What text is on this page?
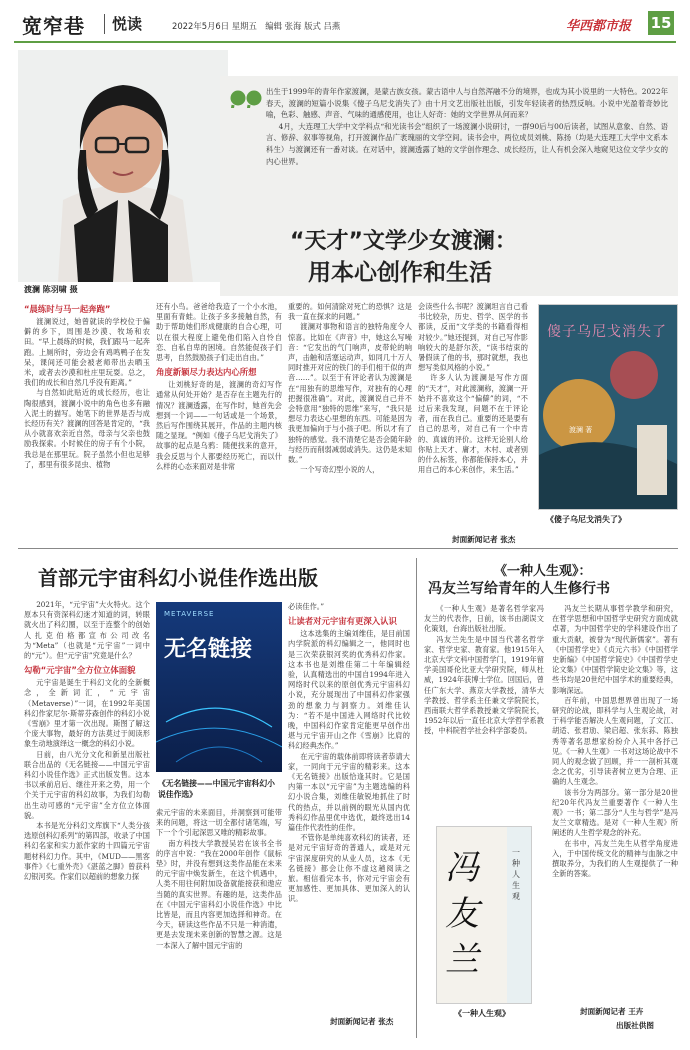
宽窄巷 悦读	2022年5月6日 星期五　编辑 张海 版式 吕燕	华西都市报 15
渡澜 陈羽啸 摄

出生于1999年的青年作家渡澜，是蒙古族女孩。蒙古语中人与自然浑融不分的境界，也成为其小说里的一大特色。2022年春天，渡澜的短篇小说集《傻子乌尼戈消失了》由十月文艺出版社出版，引发年轻读者的热烈反响。小说中光盈着奇妙比喻，色彩、触感、声音、气味的通感使用，也让人好奇：她的文学世界从何而来？

4月，大连理工大学中文学科点“和光读书会”组织了一场渡澜小说研讨，一群90后与00后读者，试图从意象、自然、语言、修辞、叙事等视角，打开渡澜作品广袤瑰丽的文学空间。读书会中，两位成员刘桃、陈扬（均是大连理工大学中文系本科生）与渡澜还有一番对谈。在对话中，渡澜透露了她的文学创作理念、成长经历，让人有机会深入地窥见这位文学少女的内心世界。

“天才”文学少女渡澜：
用本心创作和生活
“晨练时与马一起奔跑”

渡澜说过，她曾就读的学校位于偏僻的乡下，周围是沙漠、牧场和农田。“早上晨练的时候，我们跟马一起奔跑。上厕所时，旁边会有鸡鸣鸭子在发呆，课间还可能会被老师带出去晒玉米，或者去沙漠和杜庄里玩耍。总之，我们的成长和自然几乎没有距离。”

与自然如此贴近的成长经历，也让陶很感到，渡澜小说中的角色也多有融入泥土的描写。她笔下的世界是否与成长经历有关？渡澜的回答是肯定的，“我从小就喜欢亲近自然，母亲与父亲也鼓励我探索。小时候住的房子有个小院，我总是在那里玩。院子虽然小但也足够了，那里有很多昆虫、植物

还有小鸟。爸爸给我造了一个小水池，里面有青蛙。让孩子多多接触自然，有助于帮助她们形成健康的自合心理，可以在很大程度上避免他们陷入自怜自恋、自私自卑的困境。自然能促孩子们思考，自然鼓励孩子们走出自由。”

角度新颖尽力表达内心所想

让刘桃好奇的是，渡澜的奇幻写作通常从何处开始？是否存在主题先行的情况？渡澜透露，在写作时，她首先会想到一个词——一句话或是一个场景，然后写作围绕其展开，作品的主题内核随之显现。“例如《傻子乌尼戈消失了》故事的起点是乌鸦：随便找来的意开，我会反思与个人都要经历死亡，而以什么样的心态来面对是非常

重要的。如何清除对死亡的恐惧？这是我一直在探求的问题。”

渡澜对事物和语言的独特角度令人惊喜。比如在《声音》中，她这么写噪音：“它发出的气门响声，皮带轮的响声，击触和活塞运动声，如同几十万人同时推开对应的铁门的手们相干似的声音……”。以至于有评论者认为渡澜是在“用独有的思维写作，对独有的心理把握很准确”。对此，渡澜说自己并不会特意用“独特的思维”来写，“我只是想尽力表达心里想的东西。可能是因为我更加偏向于与小孩子吧。所以才有了独特的感觉。我不清楚它是否会随年龄与经历而削弱减弱或消失。这仍是未知数。”

一个写奇幻型小说的人，

会读些什么书呢？渡澜坦言自己看书比较杂，历史、哲学、医学的书都读，反而“文学类的书籍看得相对较少。”她还提到，对自己写作影响较大的是舒尔茨，“读书结束的暑假读了他的书，那时就想，我也想写类似风格的小说。”

许多人认为渡澜是写作方面的“天才”，对此渡澜称，渡澜一开始并不喜欢这个“偏僻”的词，“不过后来我发现，问题不在于评论者，而在我自己。重要的还是要有自己的思考，对自己有一个中肯的、真诚的评价。这样无论别人给你贴上天才、庸才，木村、或者别的什么标签，你都能保持本心，并用自己的本心来创作，来生活。”

封面新闻记者 张杰
傻子乌尼戈消失了
渡澜 著
《傻子乌尼戈消失了》
首部元宇宙科幻小说佳作选出版

2021年，“元宇宙”大火特火。这个原本只有资深科幻迷才知道的词，转眼就火出了科幻圈，以至于连整个的创始人扎克伯格都宣布公司改名为“Meta”（也就是“元宇宙”一词中的“元”）。但“元宇宙”究竟是什么？

勾勒“元宇宙”全方位立体面貌

元宇宙是诞生于科幻文化的全新概念，全新词汇，“元宇宙（Metaverse）”一词，在1992年美国科幻作家尼尔·斯蒂芬森创作的科幻小说《雪崩》里才第一次出现。斯图了解这个庞大事物，最好的方法莫过于阅读形象生动地演绎这一概念的科幻小说。

日前，由八光分文化和新星出版社联合出品的《无名链接——中国元宇宙科幻小说佳作选》正式出版发售。这本书以承前启后、继往开来之势，用一个个关于元宇宙的科幻故事，为我们勾勒出生动可感的“元宇宙”全方位立体面貌。

本书是光分科幻文库旗下“人类分孩选原创科幻系列”的第四部，收录了中国科幻名家和实力派作家的十四篇元宇宙题材科幻力作。其中，《MUD——黑客事件》《七重外壳》《湛蓝之脚》曾获科幻银河奖。作家们以超前的想象力探

METAVERSE
无名链接
《无名链接——中国元宇宙科幻小说佳作选》

索元宇宙的未来面目，并洞察到可能带来的问题，将这一切全都付诸笔端，写下一个个引起深思又唯的精彩故事。

南方科技大学教授吴岩在该书全书的序言中说：“我在2000年创作《鼠标垫》时，并没有想到这类作品能在未来的元宇宙中焕发新生，在这个机遇中，人类不用往何附加设备就能接获和遨应当随的真实世界。有趣的是，这类作品在《中国元宇宙科幻小说佳作选》中比比皆是，而且内容更加选择和神奇。在今天，研读这些作品不只是一种消遣，更是去发现未来创新的智慧之源。这是一本深入了解中国元宇宙的

必读佳作。”

让读者对元宇宙有更深入认识

这本选集的主编刘维佳，是目前国内学院派的科幻编辑之一，他同时也是三次荣获银河奖的优秀科幻作家。这本书也是刘维佳第二十年编辑经验，认真精选出的中国自1994年进入网络时代以来的原创优秀元宇宙科幻小说，充分展现出了中国科幻作家强劲的想象力与洞察力。刘维佳认为：“若不是中国进入网络时代比较晚，中国科幻作家肯定能更早创作出堪与元宇宙开山之作《雪崩》比肩的科幻经典杰作。”

在元宇宙的载体前即将读者恭请大家，一同向于元宇宙的精彩来。这本《无名链接》出版恰逢其时。它是国内第一本以“元宇宙”为主题选编的科幻小说合集，刘维佳敏锐地抓住了时代的热点，并以前例的眼光从国内优秀科幻作品里优中选优，最终选出14篇佳作代表性的佳作。

不管你是单纯喜欢科幻的读者，还是对元宇宙好奇的普通人，或是对元宇宙深度研究的从业人员，这本《无名链接》都会让你不虚这趟阅读之旅。相信看完本书，你对元宇宙会有更加感性、更加具体、更加深入的认识。

封面新闻记者 张杰
《一种人生观》：
冯友兰写给青年的人生修行书

《一种人生观》是著名哲学家冯友兰的代表作，日前，该书由湖误文化策划，台海出版社出版。

冯友兰先生是中国当代著名哲学家、哲学史家、教育家。他1915年入北京大学文科中国哲学门，1919年留学美国哥伦比亚大学研究院，师从杜威，1924年获博士学位。回国后，曾任广东大学、燕京大学教授，清华大学教授、哲学系主任兼文学院院长，西南联大哲学系教授兼文学院院长，1952年以后一直任北京大学哲学系教授，中科院哲学社会科学部委员。

冯友兰
一种人生观
《一种人生观》

冯友兰长期从事哲学教学和研究，在哲学思想和中国哲学史研究方面成就卓著，为中国哲学史的学科建设作出了重大贡献，被誉为“现代新儒家”。著有《中国哲学史》《贞元六书》《中国哲学史新编》《中国哲学简史》《中国哲学史论文集》《中国哲学简史论文集》等，这些书均是20世纪中国学术的重要经典，影响深远。

百年前，中国思想界曾出现了一场研究的论战，即科学与人生观论战，对于科学能否解决人生观问题，了文江、胡适、张君劢、梁启超、张东荪、陈独秀等著名思想家纷纷介入其中各抒己见。《一种人生观》一书对这场论战中不同人的观念做了回顾，并一一剖析其观念之优劣，引导读者树立更为合理、正确的人生观念。

该书分为两部分。第一部分是20世纪20年代冯友兰重要著作《一种人生观》一书；第二部分“人生与哲学”是冯友兰文章精选。是对《一种人生观》所阐述的人生哲学观念的补充。

在书中，冯友兰先生从哲学角度进入，于中国传统文化的精神与血脉之中撰取养分，为我们的人生观提供了一种全新的答案。

封面新闻记者 王卉
出版社供图
